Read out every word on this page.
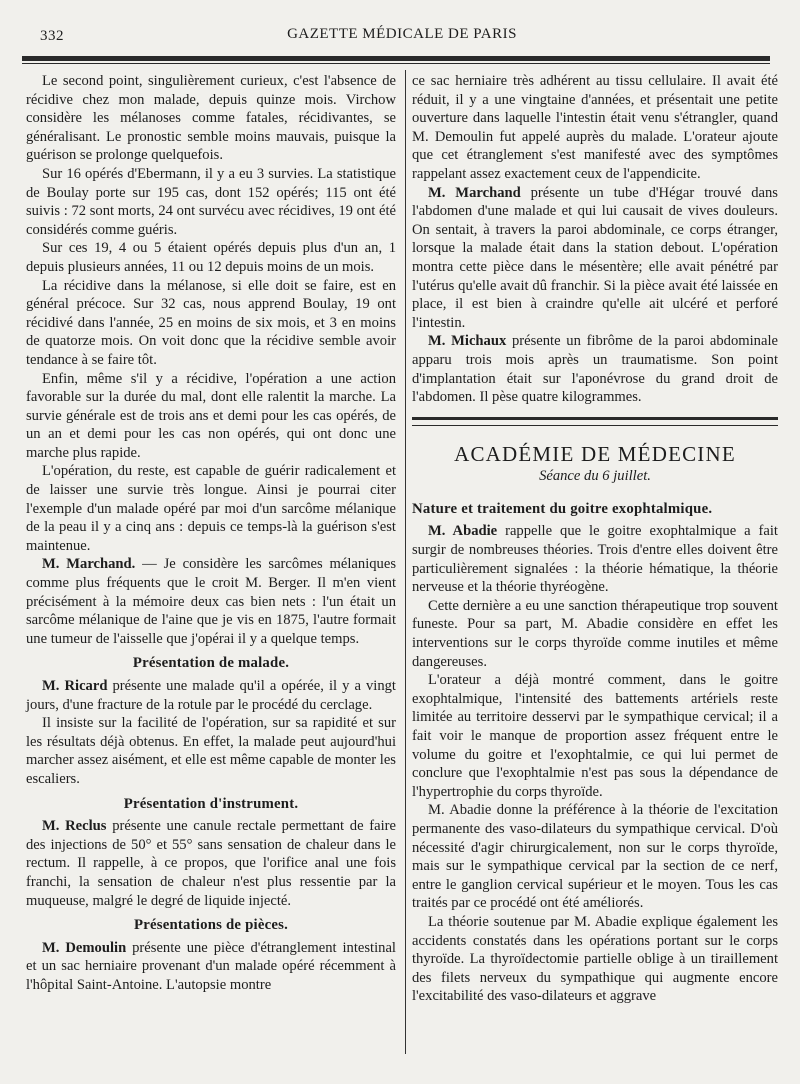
332	GAZETTE MÉDICALE DE PARIS

Le second point, singulièrement curieux, c'est l'absence de récidive chez mon malade, depuis quinze mois. Virchow considère les mélanoses comme fatales, récidivantes, se généralisant. Le pronostic semble moins mauvais, puisque la guérison se prolonge quelquefois.

Sur 16 opérés d'Ebermann, il y a eu 3 survies. La statistique de Boulay porte sur 195 cas, dont 152 opérés; 115 ont été suivis : 72 sont morts, 24 ont survécu avec récidives, 19 ont été considérés comme guéris.

Sur ces 19, 4 ou 5 étaient opérés depuis plus d'un an, 1 depuis plusieurs années, 11 ou 12 depuis moins de un mois.

La récidive dans la mélanose, si elle doit se faire, est en général précoce. Sur 32 cas, nous apprend Boulay, 19 ont récidivé dans l'année, 25 en moins de six mois, et 3 en moins de quatorze mois. On voit donc que la récidive semble avoir tendance à se faire tôt.

Enfin, même s'il y a récidive, l'opération a une action favorable sur la durée du mal, dont elle ralentit la marche. La survie générale est de trois ans et demi pour les cas opérés, de un an et demi pour les cas non opérés, qui ont donc une marche plus rapide.

L'opération, du reste, est capable de guérir radicalement et de laisser une survie très longue. Ainsi je pourrai citer l'exemple d'un malade opéré par moi d'un sarcôme mélanique de la peau il y a cinq ans : depuis ce temps-là la guérison s'est maintenue.

M. Marchand. — Je considère les sarcômes mélaniques comme plus fréquents que le croit M. Berger. Il m'en vient précisément à la mémoire deux cas bien nets : l'un était un sarcôme mélanique de l'aine que je vis en 1875, l'autre formait une tumeur de l'aisselle que j'opérai il y a quelque temps.

Présentation de malade.

M. Ricard présente une malade qu'il a opérée, il y a vingt jours, d'une fracture de la rotule par le procédé du cerclage.

Il insiste sur la facilité de l'opération, sur sa rapidité et sur les résultats déjà obtenus. En effet, la malade peut aujourd'hui marcher assez aisément, et elle est même capable de monter les escaliers.

Présentation d'instrument.

M. Reclus présente une canule rectale permettant de faire des injections de 50° et 55° sans sensation de chaleur dans le rectum. Il rappelle, à ce propos, que l'orifice anal une fois franchi, la sensation de chaleur n'est plus ressentie par la muqueuse, malgré le degré de liquide injecté.

Présentations de pièces.

M. Demoulin présente une pièce d'étranglement intestinal et un sac herniaire provenant d'un malade opéré récemment à l'hôpital Saint-Antoine. L'autopsie montre

ce sac herniaire très adhérent au tissu cellulaire. Il avait été réduit, il y a une vingtaine d'années, et présentait une petite ouverture dans laquelle l'intestin était venu s'étrangler, quand M. Demoulin fut appelé auprès du malade. L'orateur ajoute que cet étranglement s'est manifesté avec des symptômes rappelant assez exactement ceux de l'appendicite.

M. Marchand présente un tube d'Hégar trouvé dans l'abdomen d'une malade et qui lui causait de vives douleurs. On sentait, à travers la paroi abdominale, ce corps étranger, lorsque la malade était dans la station debout. L'opération montra cette pièce dans le mésentère; elle avait pénétré par l'utérus qu'elle avait dû franchir. Si la pièce avait été laissée en place, il est bien à craindre qu'elle ait ulcéré et perforé l'intestin.

M. Michaux présente un fibrôme de la paroi abdominale apparu trois mois après un traumatisme. Son point d'implantation était sur l'aponévrose du grand droit de l'abdomen. Il pèse quatre kilogrammes.

ACADÉMIE DE MÉDECINE
Séance du 6 juillet.
Nature et traitement du goitre exophtalmique.

M. Abadie rappelle que le goitre exophtalmique a fait surgir de nombreuses théories. Trois d'entre elles doivent être particulièrement signalées : la théorie hématique, la théorie nerveuse et la théorie thyréogène.

Cette dernière a eu une sanction thérapeutique trop souvent funeste. Pour sa part, M. Abadie considère en effet les interventions sur le corps thyroïde comme inutiles et même dangereuses.

L'orateur a déjà montré comment, dans le goitre exophtalmique, l'intensité des battements artériels reste limitée au territoire desservi par le sympathique cervical; il a fait voir le manque de proportion assez fréquent entre le volume du goitre et l'exophtalmie, ce qui lui permet de conclure que l'exophtalmie n'est pas sous la dépendance de l'hypertrophie du corps thyroïde.

M. Abadie donne la préférence à la théorie de l'excitation permanente des vaso-dilateurs du sympathique cervical. D'où nécessité d'agir chirurgicalement, non sur le corps thyroïde, mais sur le sympathique cervical par la section de ce nerf, entre le ganglion cervical supérieur et le moyen. Tous les cas traités par ce procédé ont été améliorés.

La théorie soutenue par M. Abadie explique également les accidents constatés dans les opérations portant sur le corps thyroïde. La thyroïdectomie partielle oblige à un tiraillement des filets nerveux du sympathique qui augmente encore l'excitabilité des vaso-dilateurs et aggrave
